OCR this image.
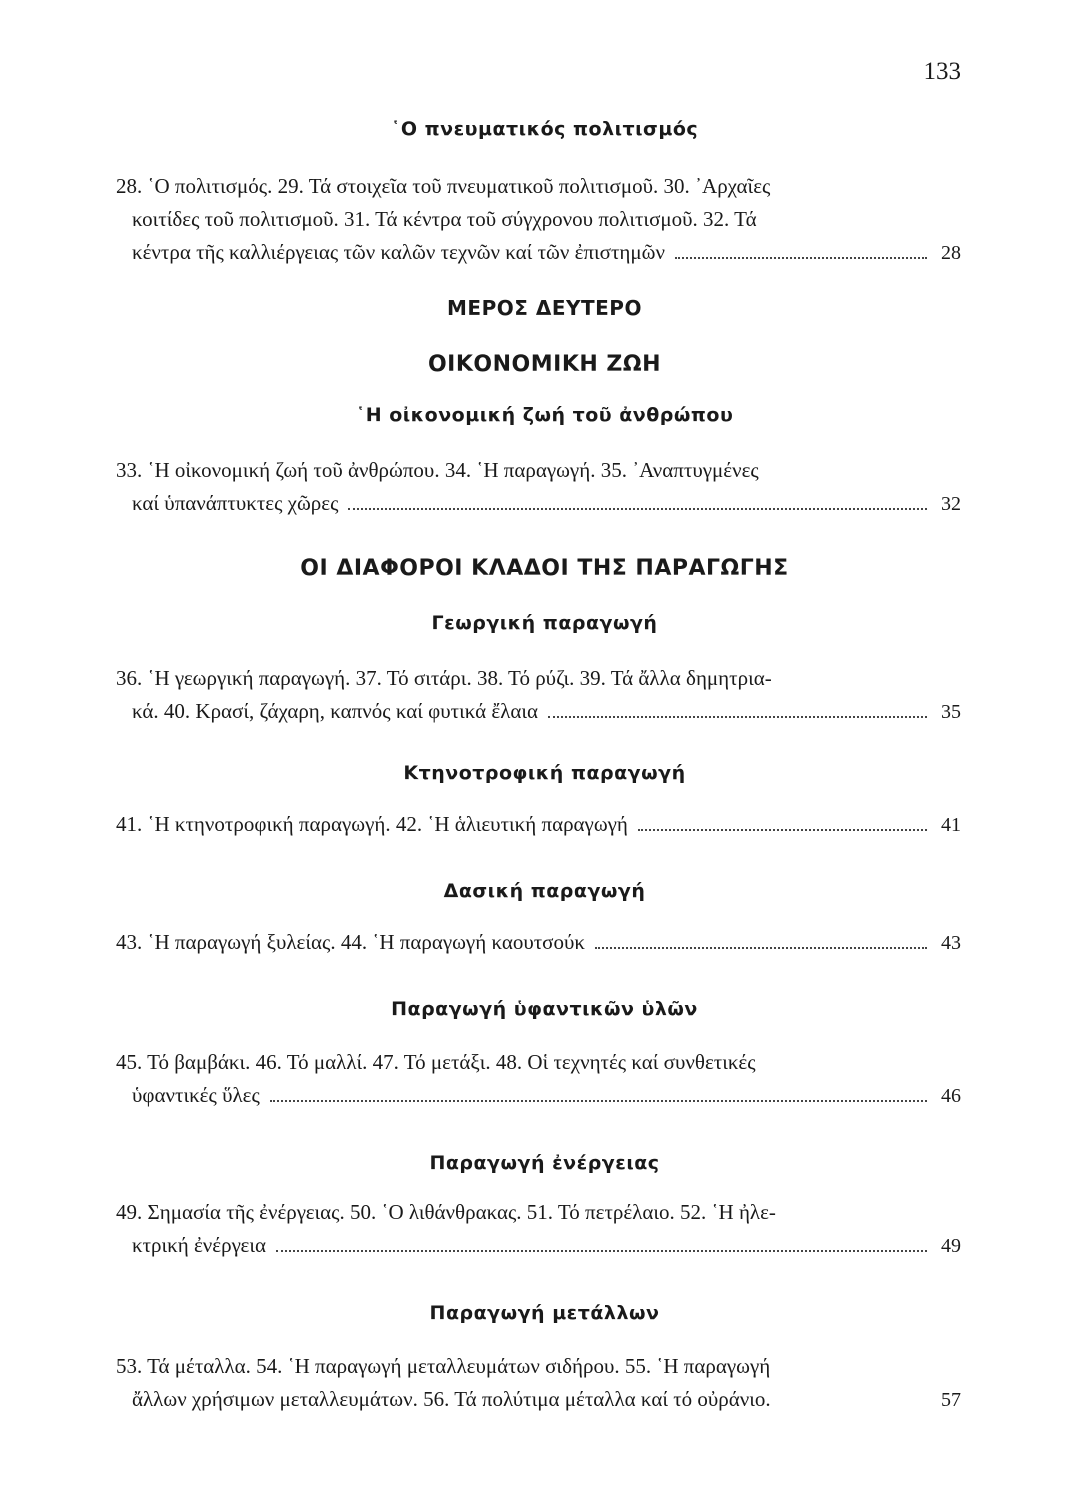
133
῾Ο πνευματικός πολιτισμός
28. ῾Ο πολιτισμός. 29. Τά στοιχεῖα τοῦ πνευματικοῦ πολιτισμοῦ. 30. ᾿Αρχαῖες
κοιτίδες τοῦ πολιτισμοῦ. 31. Τά κέντρα τοῦ σύγχρονου πολιτισμοῦ. 32. Τά
κέντρα τῆς καλλιέργειας τῶν καλῶν τεχνῶν καί τῶν ἐπιστημῶν	28
ΜΕΡΟΣ ΔΕΥΤΕΡΟ
ΟΙΚΟΝΟΜΙΚΗ ΖΩΗ
῾Η οἰκονομική ζωή τοῦ ἀνθρώπου
33. ῾Η οἰκονομική ζωή τοῦ ἀνθρώπου. 34. ῾Η παραγωγή. 35. ᾿Αναπτυγμένες
καί ὑπανάπτυκτες χῶρες	32
ΟΙ ΔΙΑΦΟΡΟΙ ΚΛΑΔΟΙ ΤΗΣ ΠΑΡΑΓΩΓΗΣ
Γεωργική παραγωγή
36. ῾Η γεωργική παραγωγή. 37. Τό σιτάρι. 38. Τό ρύζι. 39. Τά ἄλλα δημητρια-
κά. 40. Κρασί, ζάχαρη, καπνός καί φυτικά ἔλαια	35
Κτηνοτροφική παραγωγή
41. ῾Η κτηνοτροφική παραγωγή. 42. ῾Η ἁλιευτική παραγωγή	41
Δασική παραγωγή
43. ῾Η παραγωγή ξυλείας. 44. ῾Η παραγωγή καουτσούκ	43
Παραγωγή ὑφαντικῶν ὑλῶν
45. Τό βαμβάκι. 46. Τό μαλλί. 47. Τό μετάξι. 48. Οἱ τεχνητές καί συνθετικές
ὑφαντικές ὕλες	46
Παραγωγή ἐνέργειας
49. Σημασία τῆς ἐνέργειας. 50. ῾Ο λιθάνθρακας. 51. Τό πετρέλαιο. 52. ῾Η ἠλε-
κτρική ἐνέργεια	49
Παραγωγή μετάλλων
53. Τά μέταλλα. 54. ῾Η παραγωγή μεταλλευμάτων σιδήρου. 55. ῾Η παραγωγή
ἄλλων χρήσιμων μεταλλευμάτων. 56. Τά πολύτιμα μέταλλα καί τό οὐράνιο.	57
